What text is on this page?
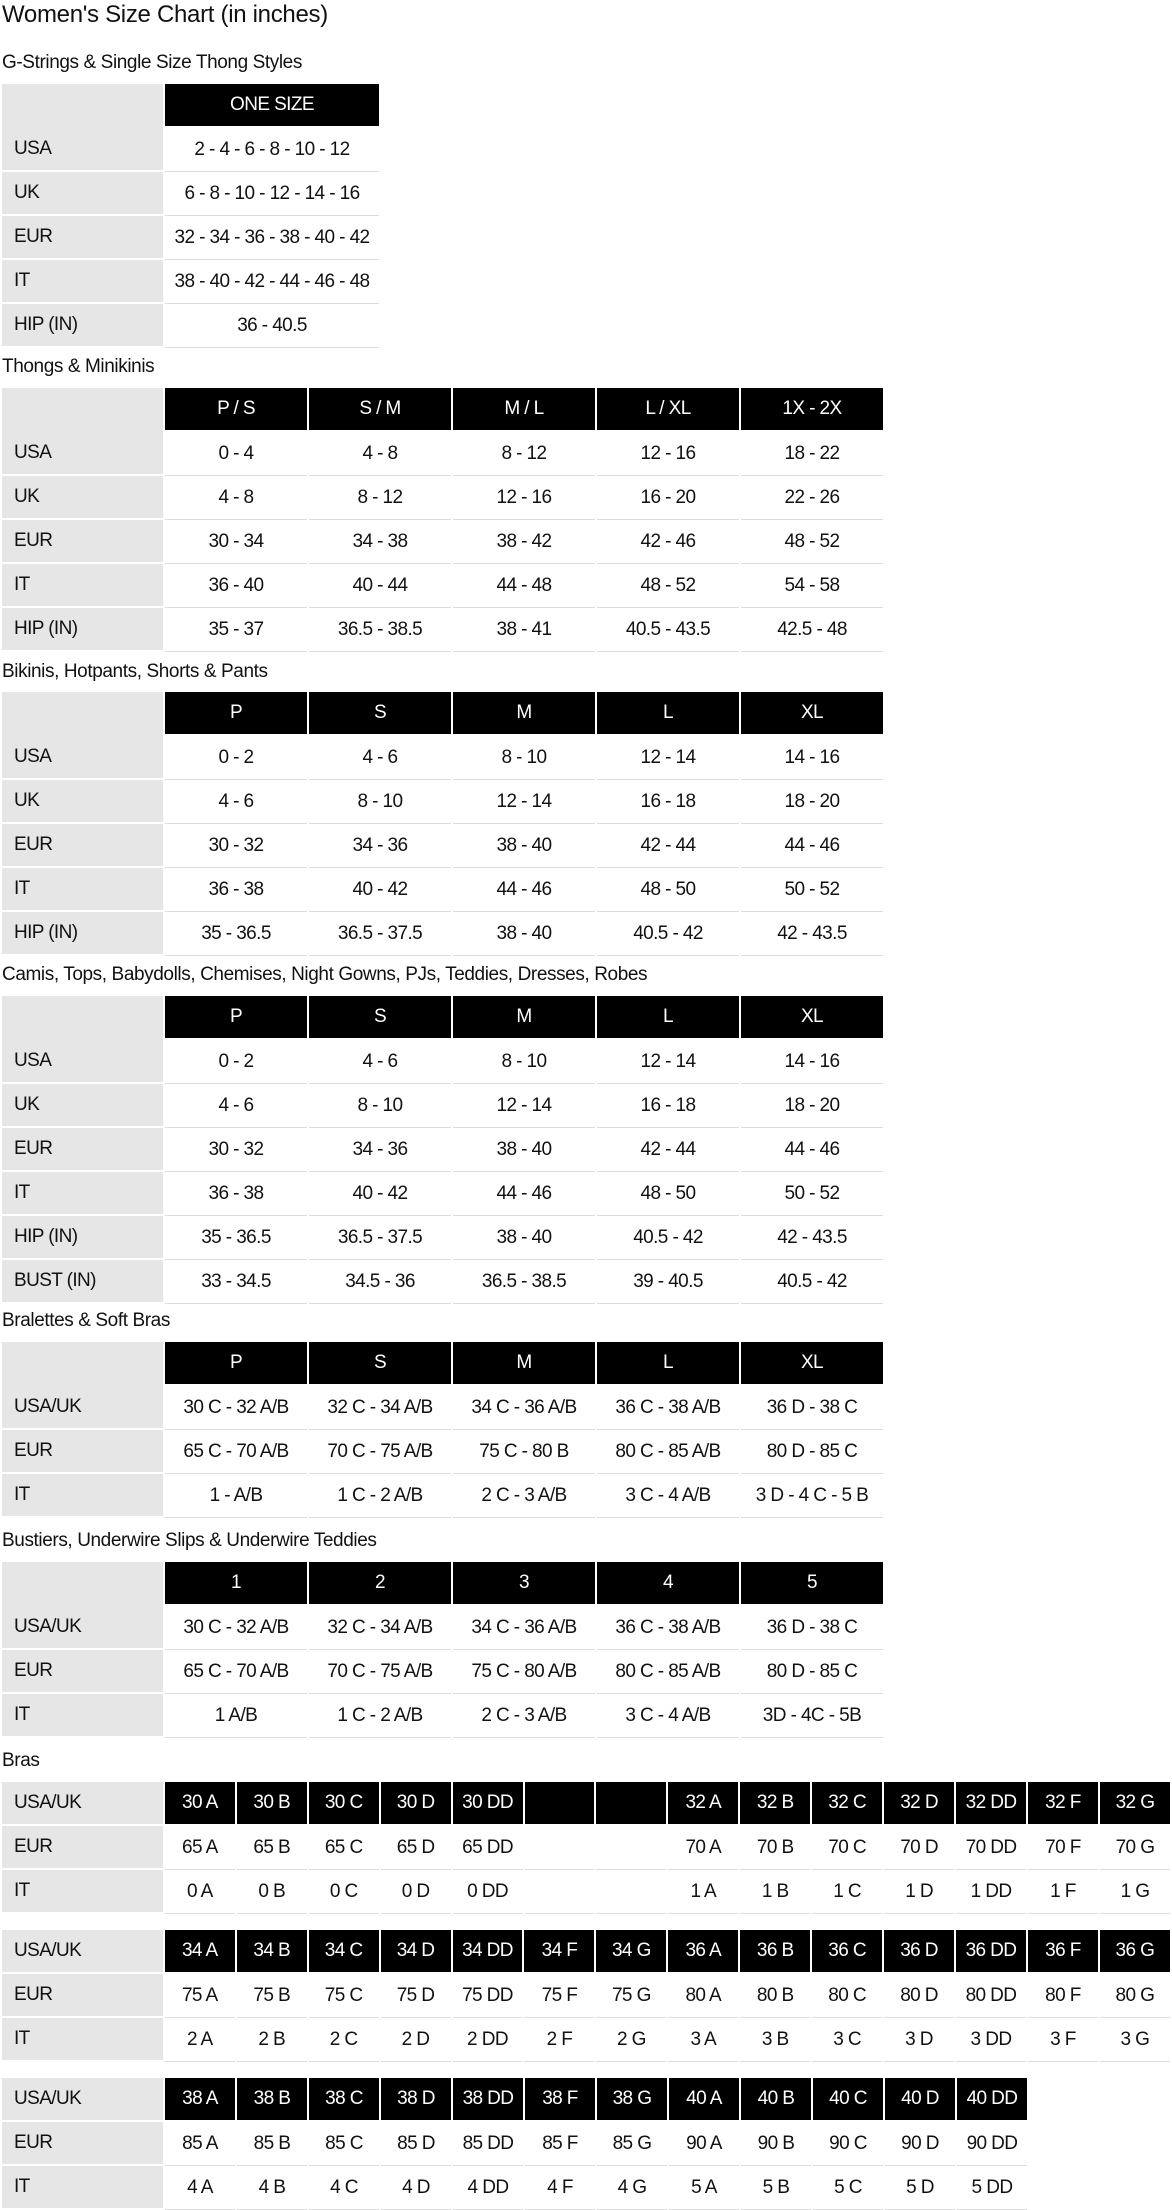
Women's Size Chart (in inches)
G-Strings & Single Size Thong Styles
	ONE SIZE
USA	2 - 4 - 6 - 8 - 10 - 12
UK	6 - 8 - 10 - 12 - 14 - 16
EUR	32 - 34 - 36 - 38 - 40 - 42
IT	38 - 40 - 42 - 44 - 46 - 48
HIP (IN)	36 - 40.5
Thongs & Minikinis
	P / S	S / M	M / L	L / XL	1X - 2X
USA	0 - 4	4 - 8	8 - 12	12 - 16	18 - 22
UK	4 - 8	8 - 12	12 - 16	16 - 20	22 - 26
EUR	30 - 34	34 - 38	38 - 42	42 - 46	48 - 52
IT	36 - 40	40 - 44	44 - 48	48 - 52	54 - 58
HIP (IN)	35 - 37	36.5 - 38.5	38 - 41	40.5 - 43.5	42.5 - 48
Bikinis, Hotpants, Shorts & Pants
	P	S	M	L	XL
USA	0 - 2	4 - 6	8 - 10	12 - 14	14 - 16
UK	4 - 6	8 - 10	12 - 14	16 - 18	18 - 20
EUR	30 - 32	34 - 36	38 - 40	42 - 44	44 - 46
IT	36 - 38	40 - 42	44 - 46	48 - 50	50 - 52
HIP (IN)	35 - 36.5	36.5 - 37.5	38 - 40	40.5 - 42	42 - 43.5
Camis, Tops, Babydolls, Chemises, Night Gowns, PJs, Teddies, Dresses, Robes
	P	S	M	L	XL
USA	0 - 2	4 - 6	8 - 10	12 - 14	14 - 16
UK	4 - 6	8 - 10	12 - 14	16 - 18	18 - 20
EUR	30 - 32	34 - 36	38 - 40	42 - 44	44 - 46
IT	36 - 38	40 - 42	44 - 46	48 - 50	50 - 52
HIP (IN)	35 - 36.5	36.5 - 37.5	38 - 40	40.5 - 42	42 - 43.5
BUST (IN)	33 - 34.5	34.5 - 36	36.5 - 38.5	39 - 40.5	40.5 - 42
Bralettes & Soft Bras
	P	S	M	L	XL
USA/UK	30 C - 32 A/B	32 C - 34 A/B	34 C - 36 A/B	36 C - 38 A/B	36 D - 38 C
EUR	65 C - 70 A/B	70 C - 75 A/B	75 C - 80 B	80 C - 85 A/B	80 D - 85 C
IT	1 - A/B	1 C - 2 A/B	2 C - 3 A/B	3 C - 4 A/B	3 D - 4 C - 5 B
Bustiers, Underwire Slips & Underwire Teddies
	1	2	3	4	5
USA/UK	30 C - 32 A/B	32 C - 34 A/B	34 C - 36 A/B	36 C - 38 A/B	36 D - 38 C
EUR	65 C - 70 A/B	70 C - 75 A/B	75 C - 80 A/B	80 C - 85 A/B	80 D - 85 C
IT	1 A/B	1 C - 2 A/B	2 C - 3 A/B	3 C - 4 A/B	3D - 4C - 5B
Bras
USA/UK	30 A	30 B	30 C	30 D	30 DD			32 A	32 B	32 C	32 D	32 DD	32 F	32 G
EUR	65 A	65 B	65 C	65 D	65 DD			70 A	70 B	70 C	70 D	70 DD	70 F	70 G
IT	0 A	0 B	0 C	0 D	0 DD			1 A	1 B	1 C	1 D	1 DD	1 F	1 G
USA/UK	34 A	34 B	34 C	34 D	34 DD	34 F	34 G	36 A	36 B	36 C	36 D	36 DD	36 F	36 G
EUR	75 A	75 B	75 C	75 D	75 DD	75 F	75 G	80 A	80 B	80 C	80 D	80 DD	80 F	80 G
IT	2 A	2 B	2 C	2 D	2 DD	2 F	2 G	3 A	3 B	3 C	3 D	3 DD	3 F	3 G
USA/UK	38 A	38 B	38 C	38 D	38 DD	38 F	38 G	40 A	40 B	40 C	40 D	40 DD
EUR	85 A	85 B	85 C	85 D	85 DD	85 F	85 G	90 A	90 B	90 C	90 D	90 DD
IT	4 A	4 B	4 C	4 D	4 DD	4 F	4 G	5 A	5 B	5 C	5 D	5 DD
